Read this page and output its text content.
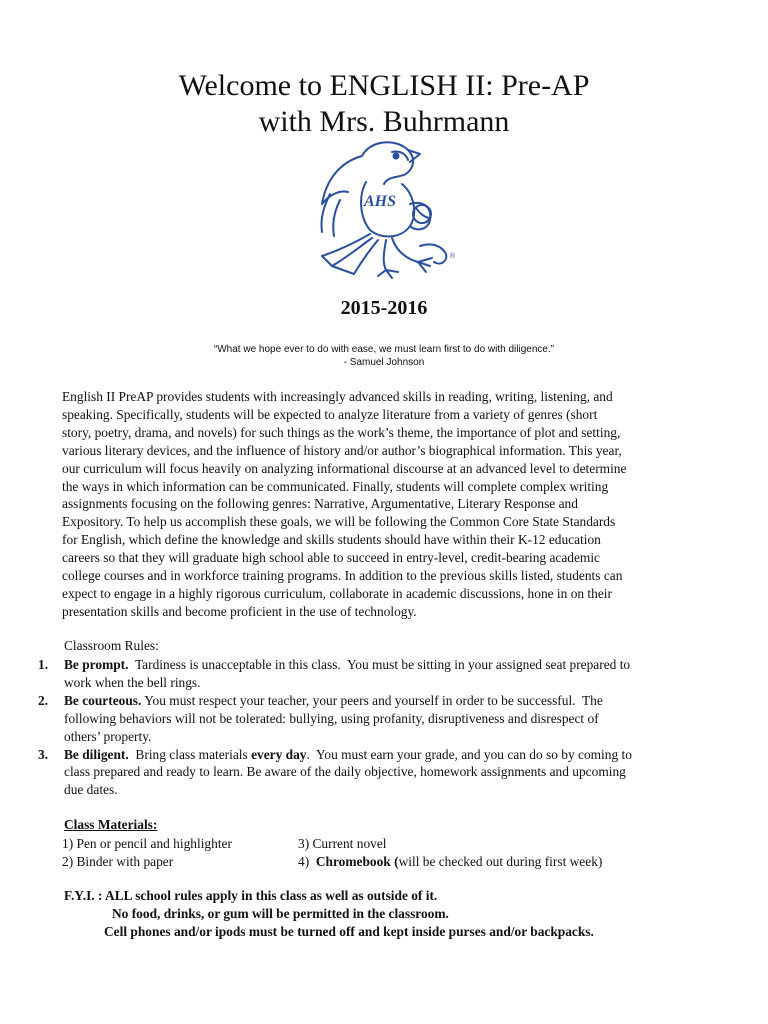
Welcome to ENGLISH II: Pre-AP
with Mrs. Buhrmann
AHS
®
2015-2016
“What we hope ever to do with ease, we must learn first to do with diligence.”
- Samuel Johnson
English II PreAP provides students with increasingly advanced skills in reading, writing, listening, and
speaking. Specifically, students will be expected to analyze literature from a variety of genres (short
story, poetry, drama, and novels) for such things as the work’s theme, the importance of plot and setting,
various literary devices, and the influence of history and/or author’s biographical information. This year,
our curriculum will focus heavily on analyzing informational discourse at an advanced level to determine
the ways in which information can be communicated. Finally, students will complete complex writing
assignments focusing on the following genres: Narrative, Argumentative, Literary Response and
Expository. To help us accomplish these goals, we will be following the Common Core State Standards
for English, which define the knowledge and skills students should have within their K-12 education
careers so that they will graduate high school able to succeed in entry-level, credit-bearing academic
college courses and in workforce training programs. In addition to the previous skills listed, students can
expect to engage in a highly rigorous curriculum, collaborate in academic discussions, hone in on their
presentation skills and become proficient in the use of technology.
Classroom Rules:
1.	Be prompt.  Tardiness is unacceptable in this class.  You must be sitting in your assigned seat prepared to
work when the bell rings.
2.	Be courteous. You must respect your teacher, your peers and yourself in order to be successful.  The
following behaviors will not be tolerated: bullying, using profanity, disruptiveness and disrespect of
others’ property.
3.	Be diligent.  Bring class materials every day.  You must earn your grade, and you can do so by coming to
class prepared and ready to learn. Be aware of the daily objective, homework assignments and upcoming
due dates.
Class Materials:
1) Pen or pencil and highlighter	3) Current novel
2) Binder with paper	4)  Chromebook (will be checked out during first week)
F.Y.I. : ALL school rules apply in this class as well as outside of it.
No food, drinks, or gum will be permitted in the classroom.
Cell phones and/or ipods must be turned off and kept inside purses and/or backpacks.
